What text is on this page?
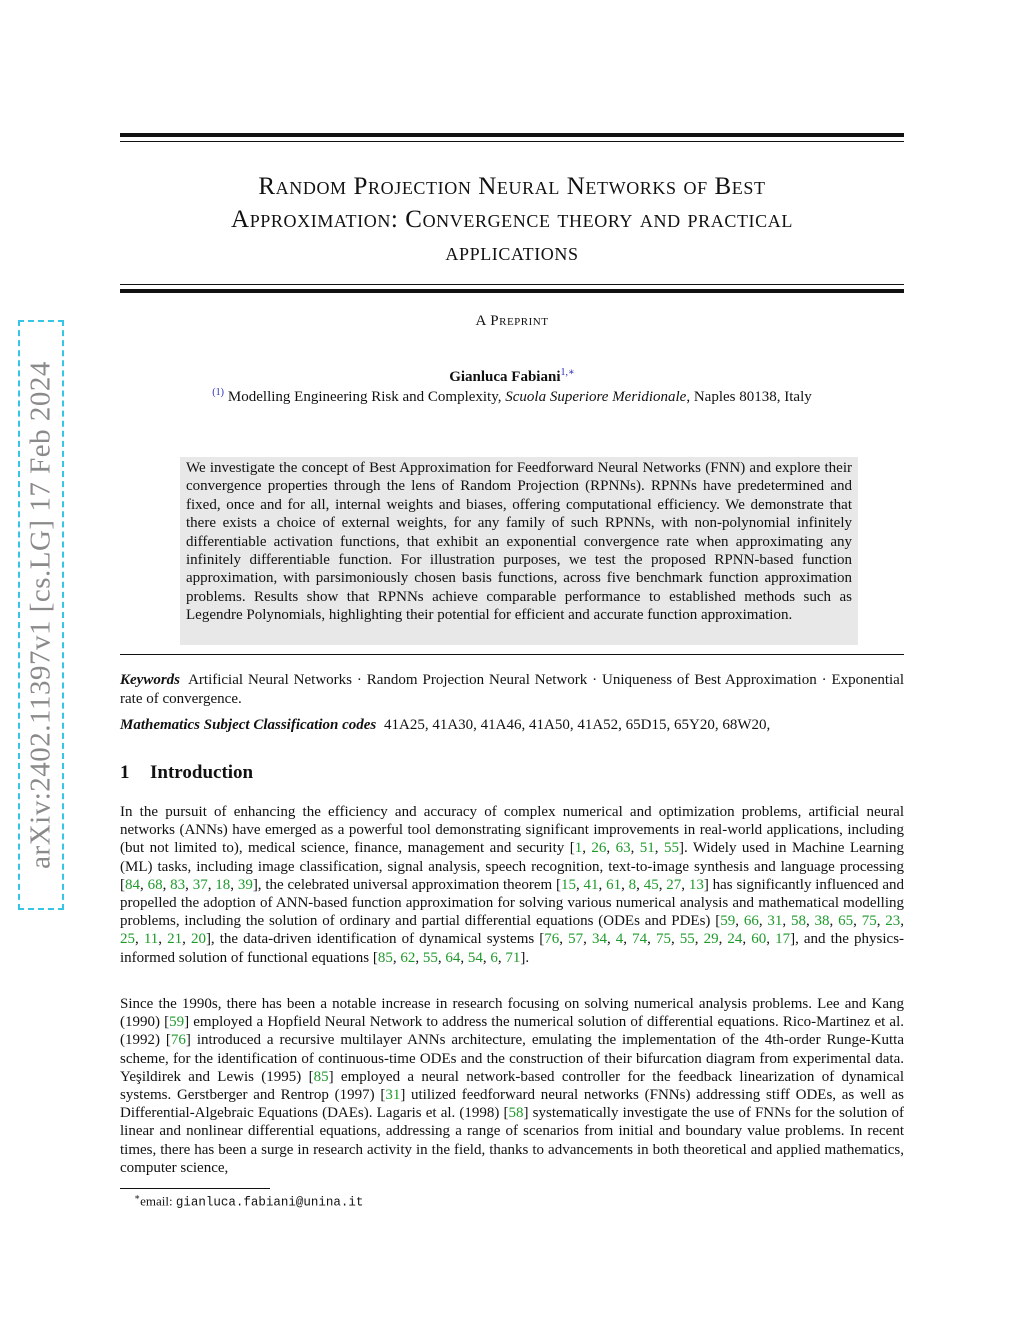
arXiv:2402.11397v1 [cs.LG] 17 Feb 2024
Random Projection Neural Networks of Best
Approximation: Convergence theory and practical
applications
A Preprint
Gianluca Fabiani$^{1,∗}$
$^{(1)}$ Modelling Engineering Risk and Complexity, Scuola Superiore Meridionale, Naples 80138, Italy
We investigate the concept of Best Approximation for Feedforward Neural Networks (FNN) and explore their convergence properties through the lens of Random Projection (RPNNs). RPNNs have predetermined and fixed, once and for all, internal weights and biases, offering computational efficiency. We demonstrate that there exists a choice of external weights, for any family of such RPNNs, with non-polynomial infinitely differentiable activation functions, that exhibit an exponential convergence rate when approximating any infinitely differentiable function. For illustration purposes, we test the proposed RPNN-based function approximation, with parsimoniously chosen basis functions, across five benchmark function approximation problems. Results show that RPNNs achieve comparable performance to established methods such as Legendre Polynomials, highlighting their potential for efficient and accurate function approximation.
Keywords Artificial Neural Networks · Random Projection Neural Network · Uniqueness of Best Approximation · Exponential rate of convergence.
Mathematics Subject Classification codes 41A25, 41A30, 41A46, 41A50, 41A52, 65D15, 65Y20, 68W20,
1 Introduction

In the pursuit of enhancing the efficiency and accuracy of complex numerical and optimization problems, artificial neural networks (ANNs) have emerged as a powerful tool demonstrating significant improvements in real-world applications, including (but not limited to), medical science, finance, management and security [1, 26, 63, 51, 55]. Widely used in Machine Learning (ML) tasks, including image classification, signal analysis, speech recognition, text-to-image synthesis and language processing [84, 68, 83, 37, 18, 39], the celebrated universal approximation theorem [15, 41, 61, 8, 45, 27, 13] has significantly influenced and propelled the adoption of ANN-based function approximation for solving various numerical analysis and mathematical modelling problems, including the solution of ordinary and partial differential equations (ODEs and PDEs) [59, 66, 31, 58, 38, 65, 75, 23, 25, 11, 21, 20], the data-driven identification of dynamical systems [76, 57, 34, 4, 74, 75, 55, 29, 24, 60, 17], and the physics-informed solution of functional equations [85, 62, 55, 64, 54, 6, 71].

Since the 1990s, there has been a notable increase in research focusing on solving numerical analysis problems. Lee and Kang (1990) [59] employed a Hopfield Neural Network to address the numerical solution of differential equations. Rico-Martinez et al. (1992) [76] introduced a recursive multilayer ANNs architecture, emulating the implementation of the 4th-order Runge-Kutta scheme, for the identification of continuous-time ODEs and the construction of their bifurcation diagram from experimental data. Yeşildirek and Lewis (1995) [85] employed a neural network-based controller for the feedback linearization of dynamical systems. Gerstberger and Rentrop (1997) [31] utilized feedforward neural networks (FNNs) addressing stiff ODEs, as well as Differential-Algebraic Equations (DAEs). Lagaris et al. (1998) [58] systematically investigate the use of FNNs for the solution of linear and nonlinear differential equations, addressing a range of scenarios from initial and boundary value problems. In recent times, there has been a surge in research activity in the field, thanks to advancements in both theoretical and applied mathematics, computer science,

∗email: gianluca.fabiani@unina.it
